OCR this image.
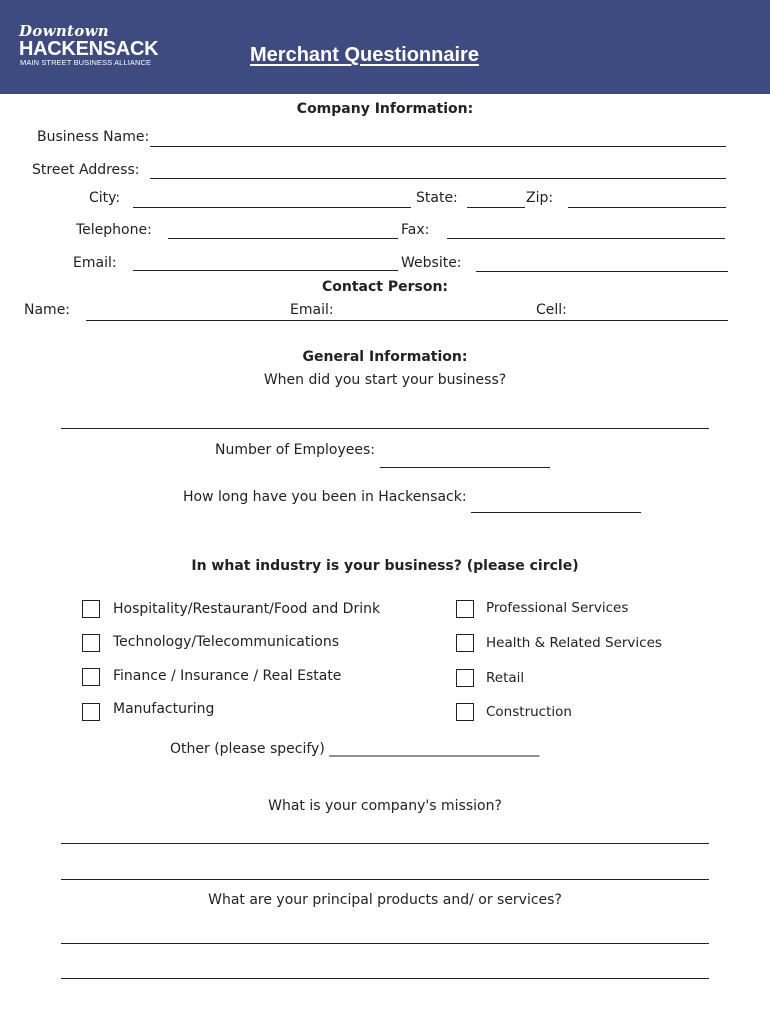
Downtown
HACKENSACK
MAIN STREET BUSINESS ALLIANCE	Merchant Questionnaire
Company Information:
Business Name:
Street Address:
City:	State:	Zip:
Telephone:	Fax:
Email:	Website:
Contact Person:
Name:	Email:	Cell:
General Information:
When did you start your business?
Number of Employees:
How long have you been in Hackensack:
In what industry is your business? (please circle)
Hospitality/Restaurant/Food and Drink
Technology/Telecommunications
Finance / Insurance / Real Estate
Manufacturing
Professional Services
Health & Related Services
Retail
Construction
Other (please specify) ______________________________
What is your company's mission?
What are your principal products and/ or services?
